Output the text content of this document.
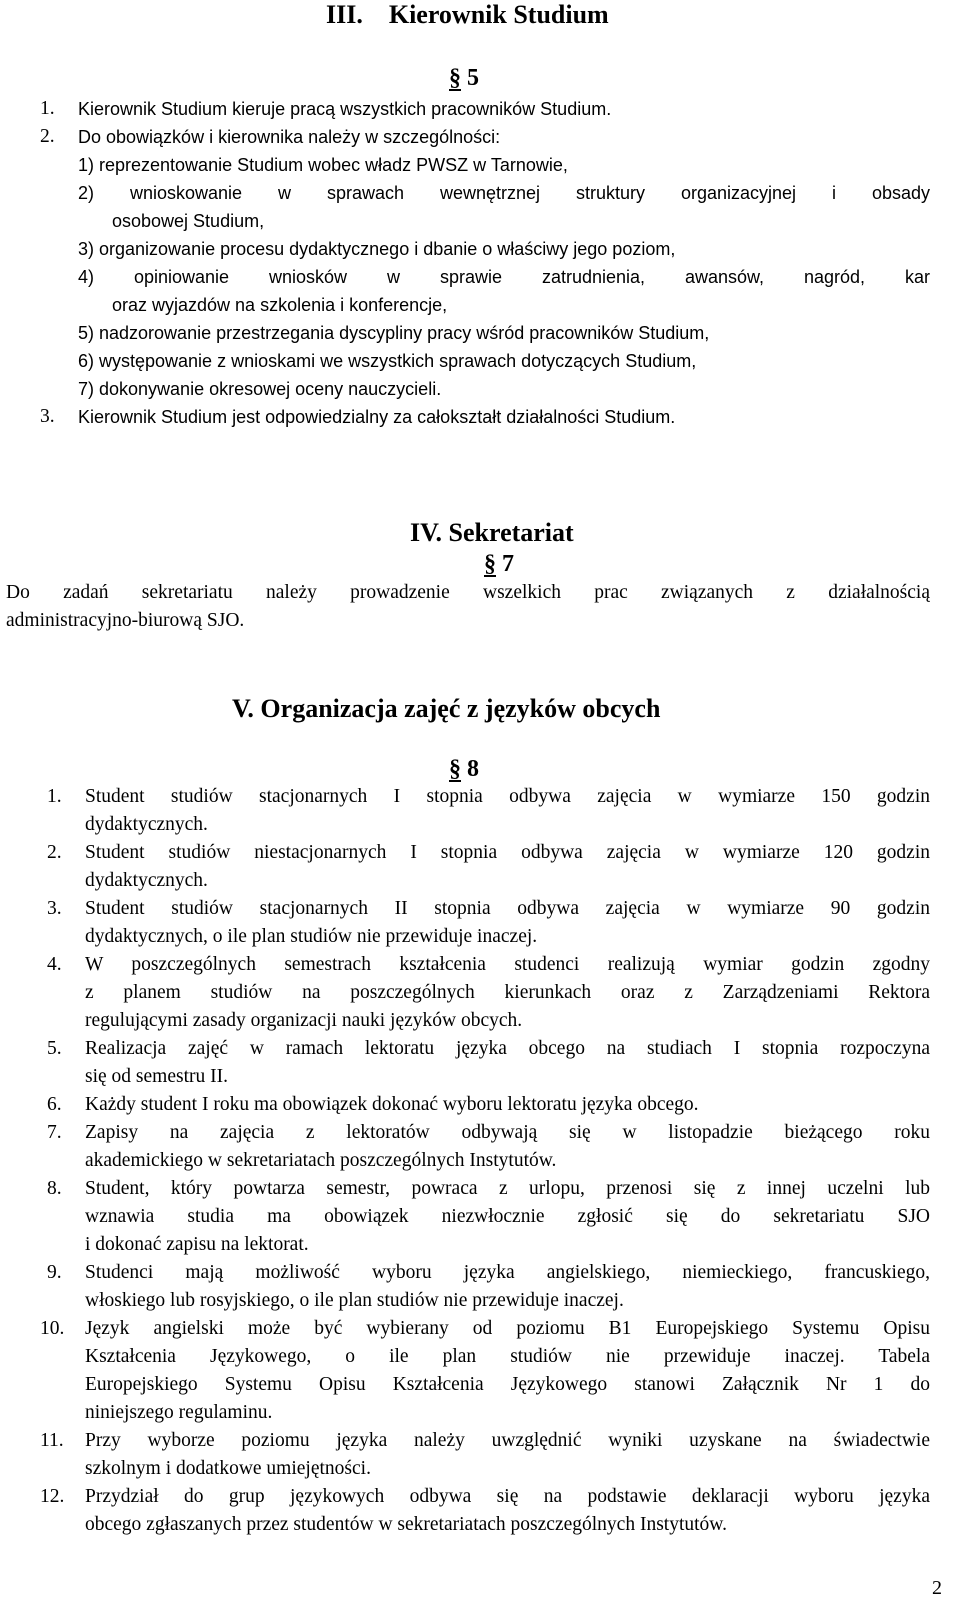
III.    Kierownik Studium
§ 5
1. Kierownik Studium kieruje pracą wszystkich pracowników Studium.
2. Do obowiązków i kierownika należy w szczególności:
1) reprezentowanie Studium wobec władz PWSZ w Tarnowie,
2) wnioskowanie w sprawach wewnętrznej struktury organizacyjnej i obsady
osobowej Studium,
3) organizowanie procesu dydaktycznego i dbanie o właściwy jego poziom,
4) opiniowanie wniosków w sprawie zatrudnienia, awansów, nagród, kar
oraz wyjazdów na szkolenia i konferencje,
5) nadzorowanie przestrzegania dyscypliny pracy wśród pracowników Studium,
6) występowanie z wnioskami we wszystkich sprawach dotyczących Studium,
7) dokonywanie okresowej oceny nauczycieli.
3. Kierownik Studium jest odpowiedzialny za całokształt działalności Studium.
IV. Sekretariat
§ 7
Do zadań sekretariatu należy prowadzenie wszelkich prac związanych z działalnością
administracyjno-biurową SJO.
V. Organizacja zajęć z języków obcych
§ 8
1. Student studiów stacjonarnych I stopnia odbywa zajęcia w wymiarze 150 godzin
dydaktycznych.
2. Student studiów niestacjonarnych I stopnia odbywa zajęcia w wymiarze 120 godzin
dydaktycznych.
3. Student studiów stacjonarnych II stopnia odbywa zajęcia w wymiarze 90 godzin
dydaktycznych, o ile plan studiów nie przewiduje inaczej.
4. W poszczególnych semestrach kształcenia studenci realizują wymiar godzin zgodny
z planem studiów na poszczególnych kierunkach oraz z Zarządzeniami Rektora
regulującymi zasady organizacji nauki języków obcych.
5. Realizacja zajęć w ramach lektoratu języka obcego na studiach I stopnia rozpoczyna
się od semestru II.
6. Każdy student I roku ma obowiązek dokonać wyboru lektoratu języka obcego.
7. Zapisy na zajęcia z lektoratów odbywają się w listopadzie bieżącego roku
akademickiego w sekretariatach poszczególnych Instytutów.
8. Student, który powtarza semestr, powraca z urlopu, przenosi się z innej uczelni lub
wznawia studia ma obowiązek niezwłocznie zgłosić się do sekretariatu SJO
i dokonać zapisu na lektorat.
9. Studenci mają możliwość wyboru języka angielskiego, niemieckiego, francuskiego,
włoskiego lub rosyjskiego, o ile plan studiów nie przewiduje inaczej.
10. Język angielski może być wybierany od poziomu B1 Europejskiego Systemu Opisu
Kształcenia Językowego, o ile plan studiów nie przewiduje inaczej. Tabela
Europejskiego Systemu Opisu Kształcenia Językowego stanowi Załącznik Nr 1 do
niniejszego regulaminu.
11. Przy wyborze poziomu języka należy uwzględnić wyniki uzyskane na świadectwie
szkolnym i dodatkowe umiejętności.
12. Przydział do grup językowych odbywa się na podstawie deklaracji wyboru języka
obcego zgłaszanych przez studentów w sekretariatach poszczególnych Instytutów.
2
